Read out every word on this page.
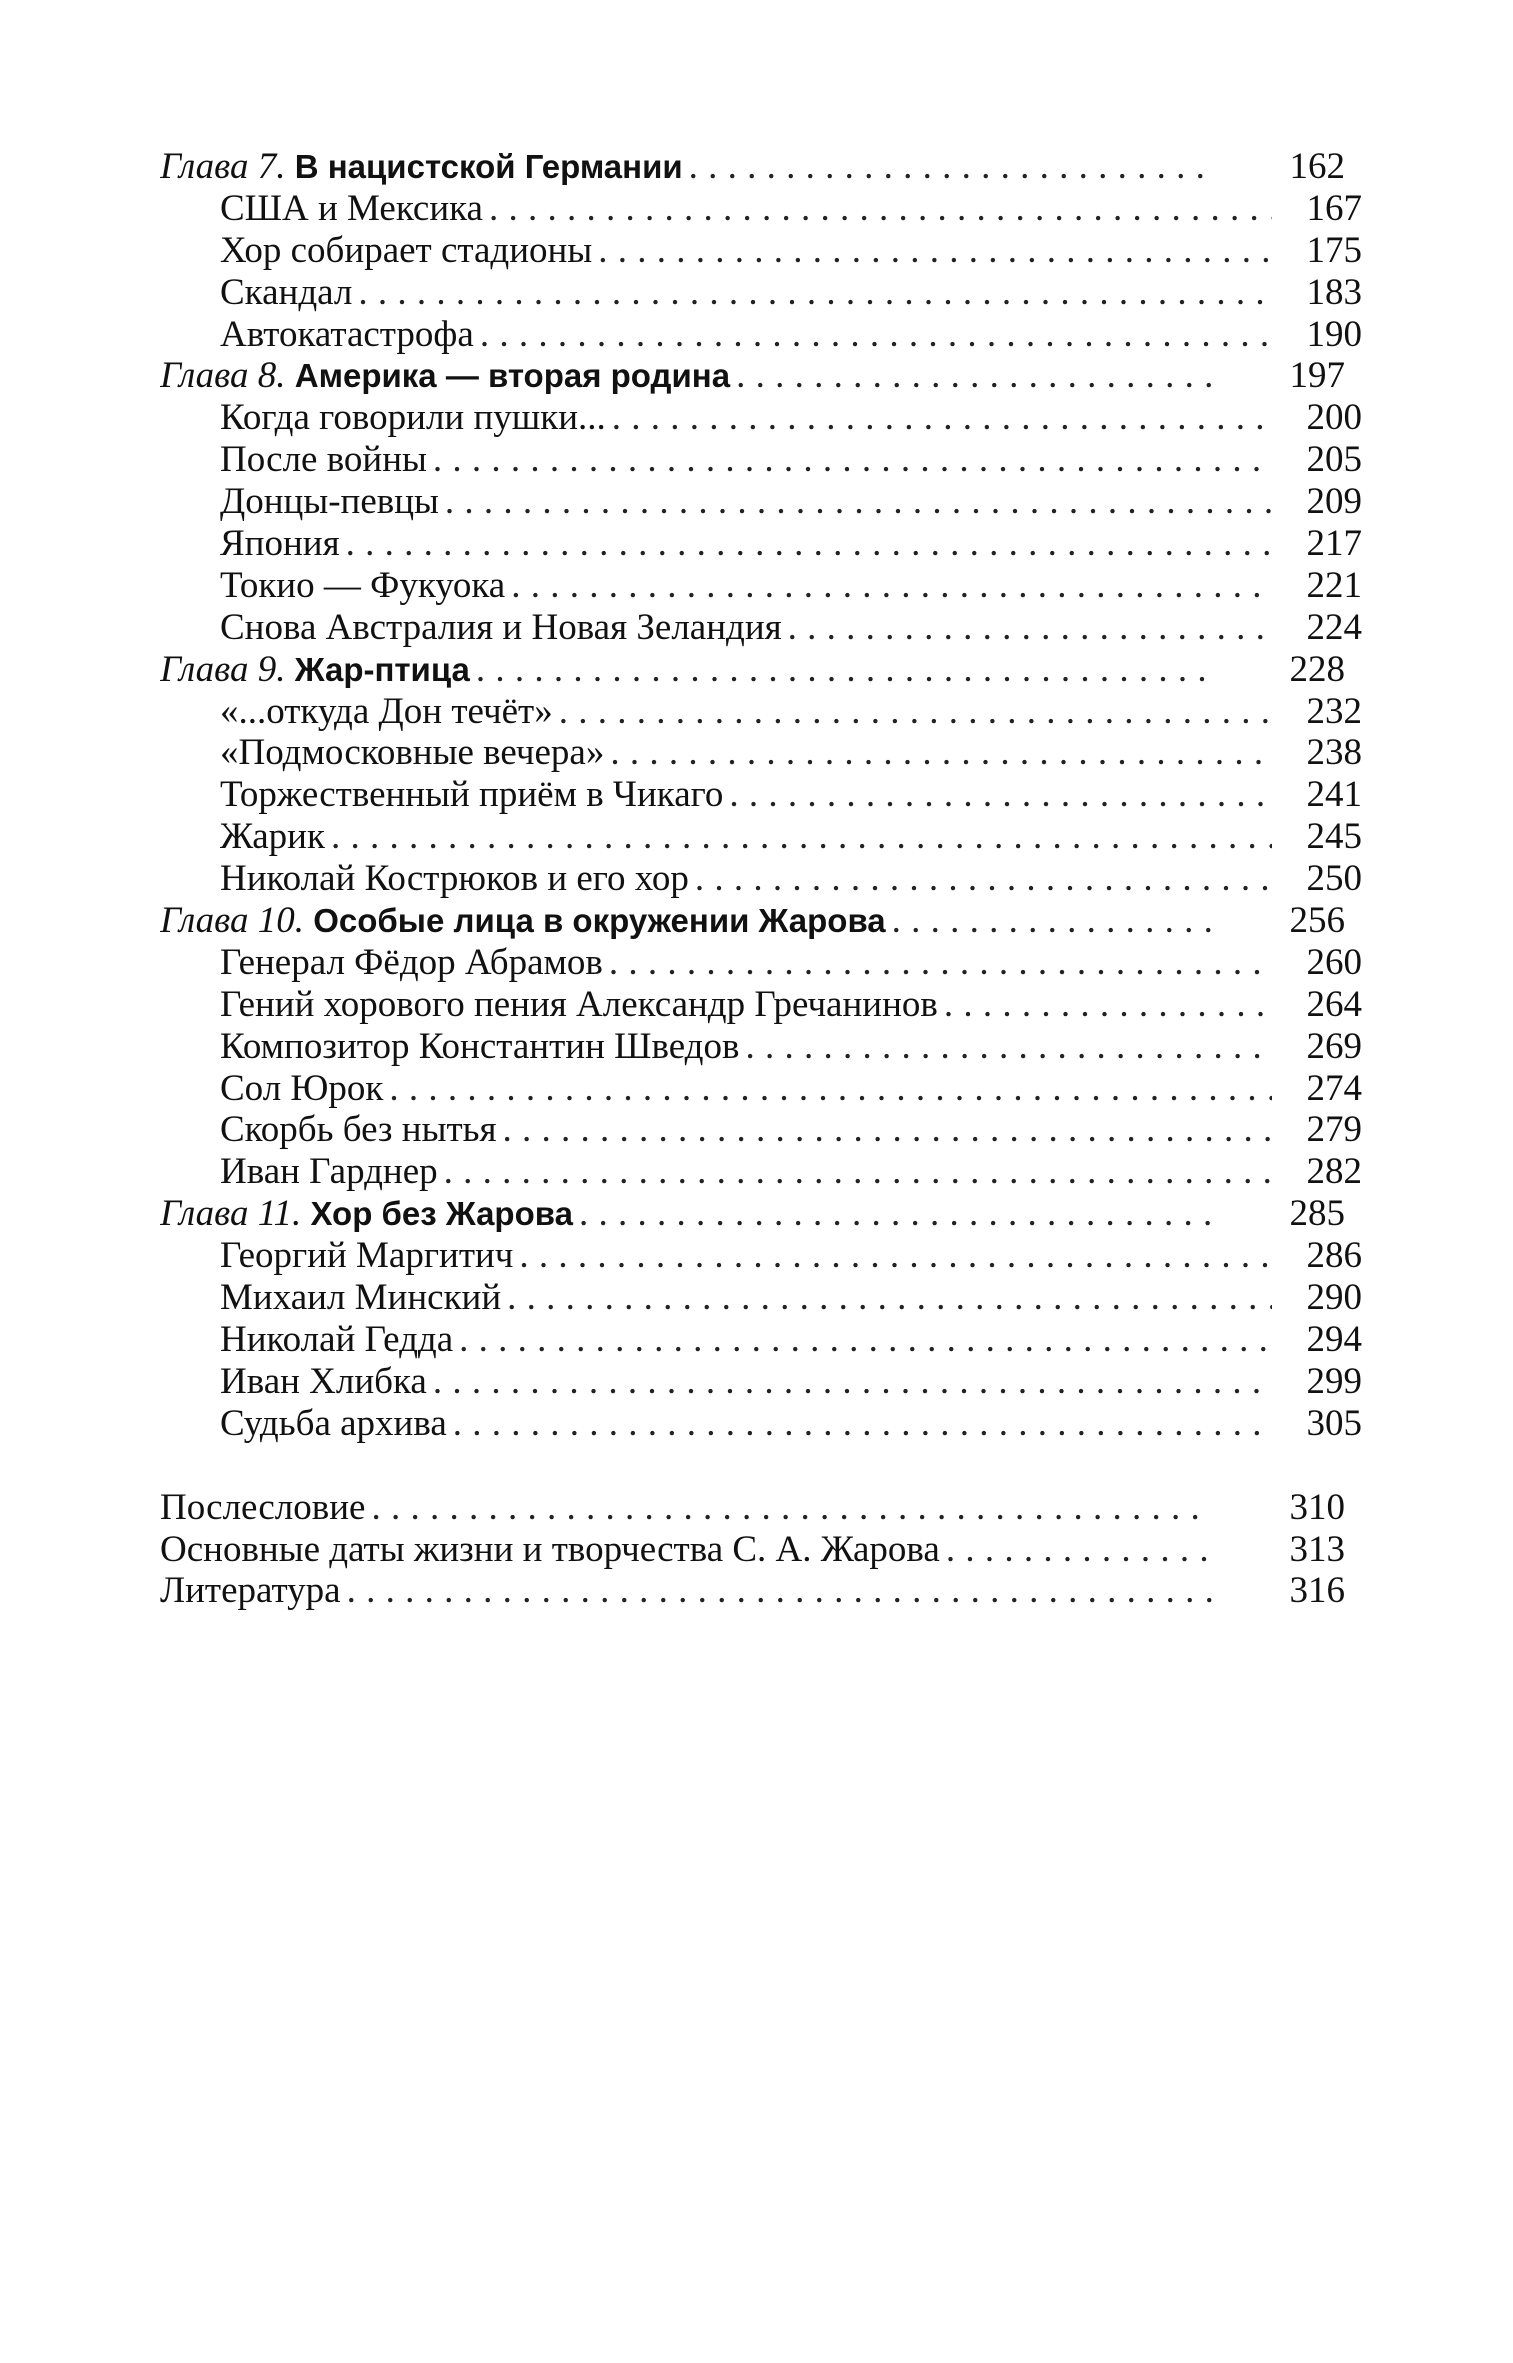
Глава 7. В нацистской Германии . . .	162
США и Мексика . . .	167
Хор собирает стадионы . . .	175
Скандал . . .	183
Автокатастрофа . . .	190
Глава 8. Америка — вторая родина . . .	197
Когда говорили пушки... . . .	200
После войны . . .	205
Донцы-певцы . . .	209
Япония . . .	217
Токио — Фукуока . . .	221
Снова Австралия и Новая Зеландия . . .	224
Глава 9. Жар-птица . . .	228
«...откуда Дон течёт» . . .	232
«Подмосковные вечера» . . .	238
Торжественный приём в Чикаго . . .	241
Жарик . . .	245
Николай Кострюков и его хор . . .	250
Глава 10. Особые лица в окружении Жарова . . .	256
Генерал Фёдор Абрамов . . .	260
Гений хорового пения Александр Гречанинов . . .	264
Композитор Константин Шведов . . .	269
Сол Юрок . . .	274
Скорбь без нытья . . .	279
Иван Гарднер . . .	282
Глава 11. Хор без Жарова . . .	285
Георгий Маргитич . . .	286
Михаил Минский . . .	290
Николай Гедда . . .	294
Иван Хлибка . . .	299
Судьба архива . . .	305
Послесловие . . .	310
Основные даты жизни и творчества С. А. Жарова . . .	313
Литература . . .	316
